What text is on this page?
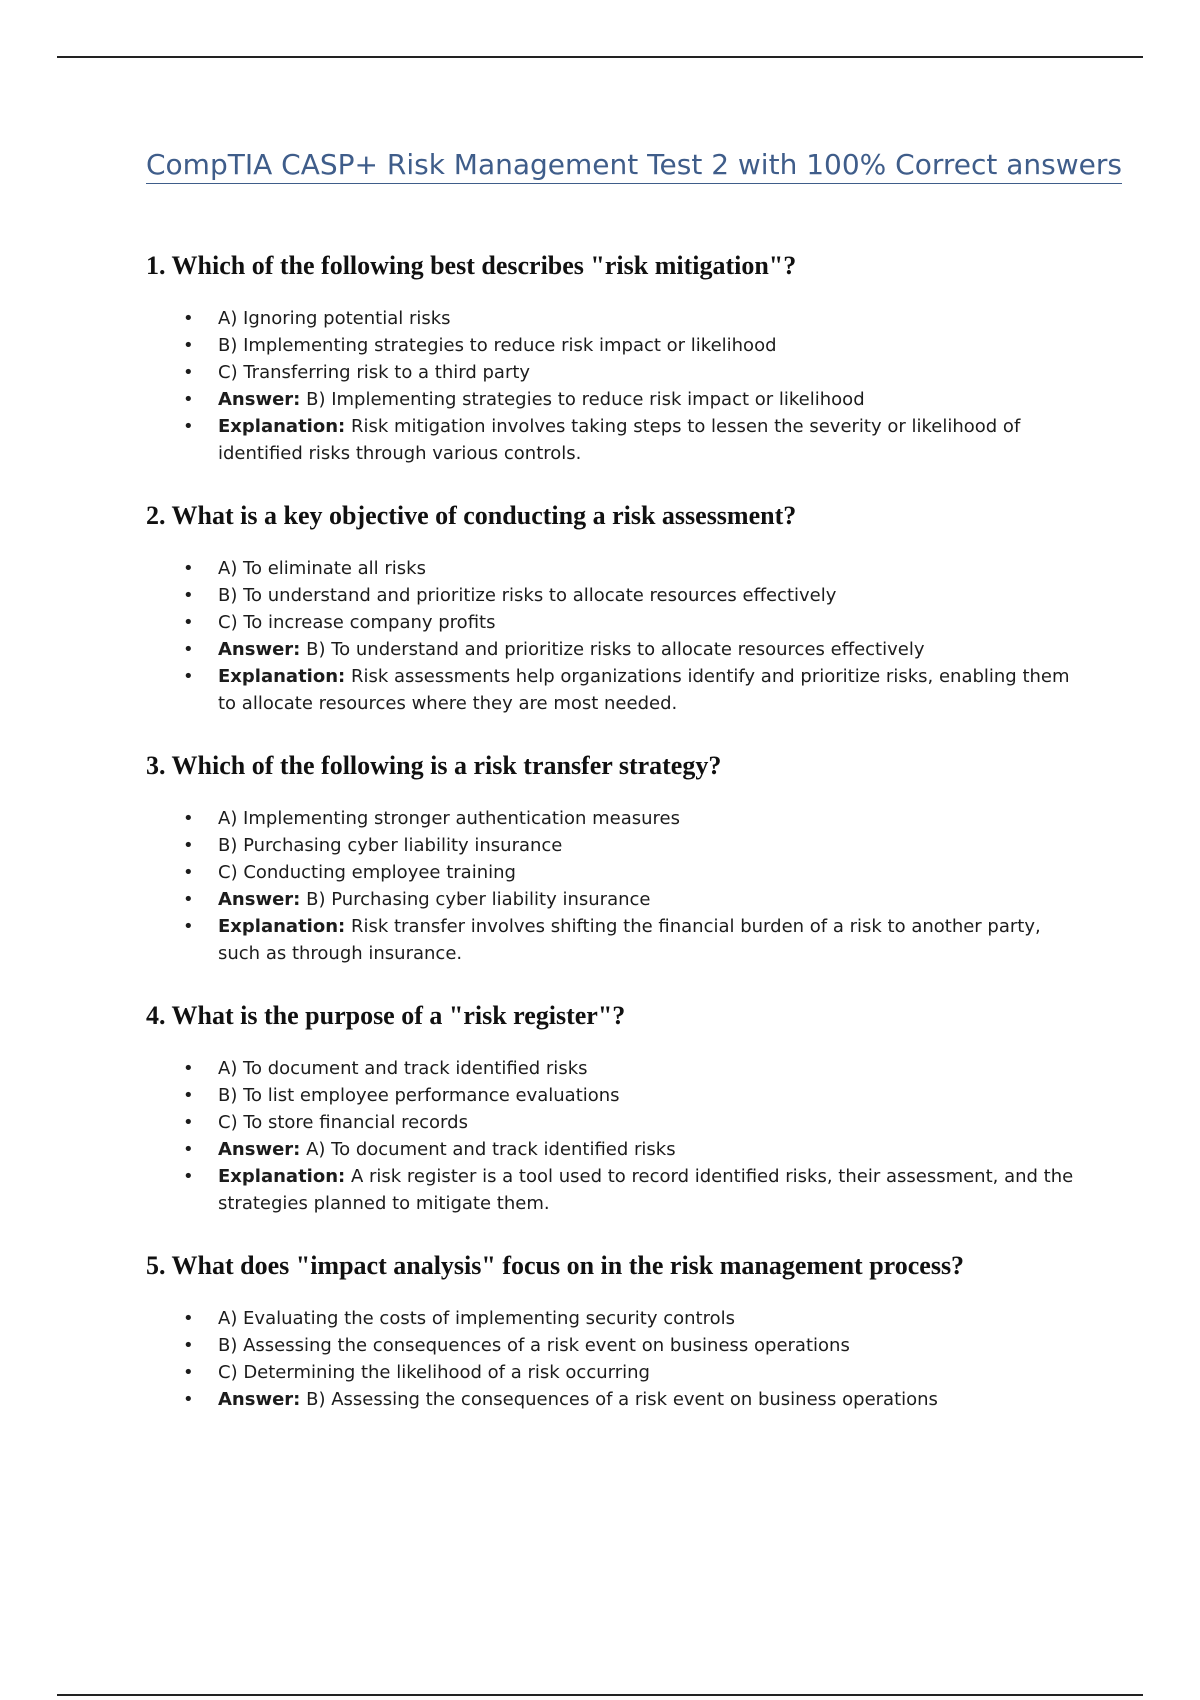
CompTIA CASP+ Risk Management Test 2 with 100% Correct answers
1. Which of the following best describes "risk mitigation"?
• A) Ignoring potential risks
• B) Implementing strategies to reduce risk impact or likelihood
• C) Transferring risk to a third party
• Answer: B) Implementing strategies to reduce risk impact or likelihood
• Explanation: Risk mitigation involves taking steps to lessen the severity or likelihood of identified risks through various controls.
2. What is a key objective of conducting a risk assessment?
• A) To eliminate all risks
• B) To understand and prioritize risks to allocate resources effectively
• C) To increase company profits
• Answer: B) To understand and prioritize risks to allocate resources effectively
• Explanation: Risk assessments help organizations identify and prioritize risks, enabling them to allocate resources where they are most needed.
3. Which of the following is a risk transfer strategy?
• A) Implementing stronger authentication measures
• B) Purchasing cyber liability insurance
• C) Conducting employee training
• Answer: B) Purchasing cyber liability insurance
• Explanation: Risk transfer involves shifting the financial burden of a risk to another party, such as through insurance.
4. What is the purpose of a "risk register"?
• A) To document and track identified risks
• B) To list employee performance evaluations
• C) To store financial records
• Answer: A) To document and track identified risks
• Explanation: A risk register is a tool used to record identified risks, their assessment, and the strategies planned to mitigate them.
5. What does "impact analysis" focus on in the risk management process?
• A) Evaluating the costs of implementing security controls
• B) Assessing the consequences of a risk event on business operations
• C) Determining the likelihood of a risk occurring
• Answer: B) Assessing the consequences of a risk event on business operations
